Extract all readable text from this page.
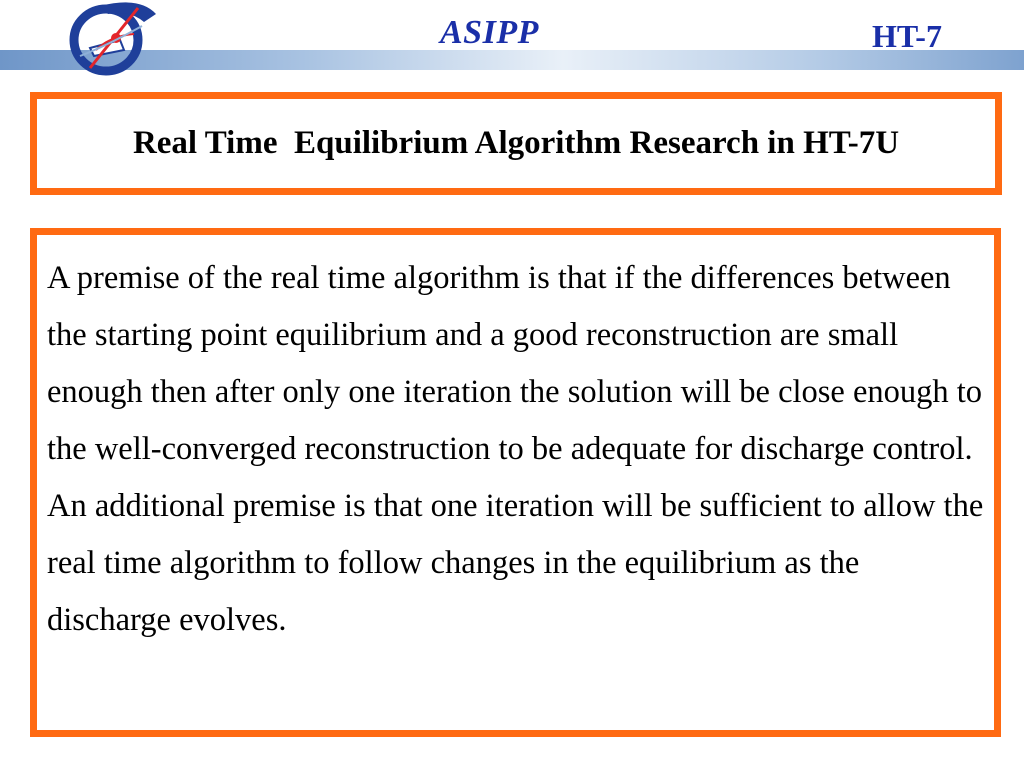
ASIPP	HT-7
Real Time  Equilibrium Algorithm Research in HT-7U
A premise of the real time algorithm is that if the differences between the starting point equilibrium and a good reconstruction are small enough then after only one iteration the solution will be close enough to the well-converged reconstruction to be adequate for discharge control. An additional premise is that one iteration will be sufficient to allow the real time algorithm to follow changes in the equilibrium as the discharge evolves.
